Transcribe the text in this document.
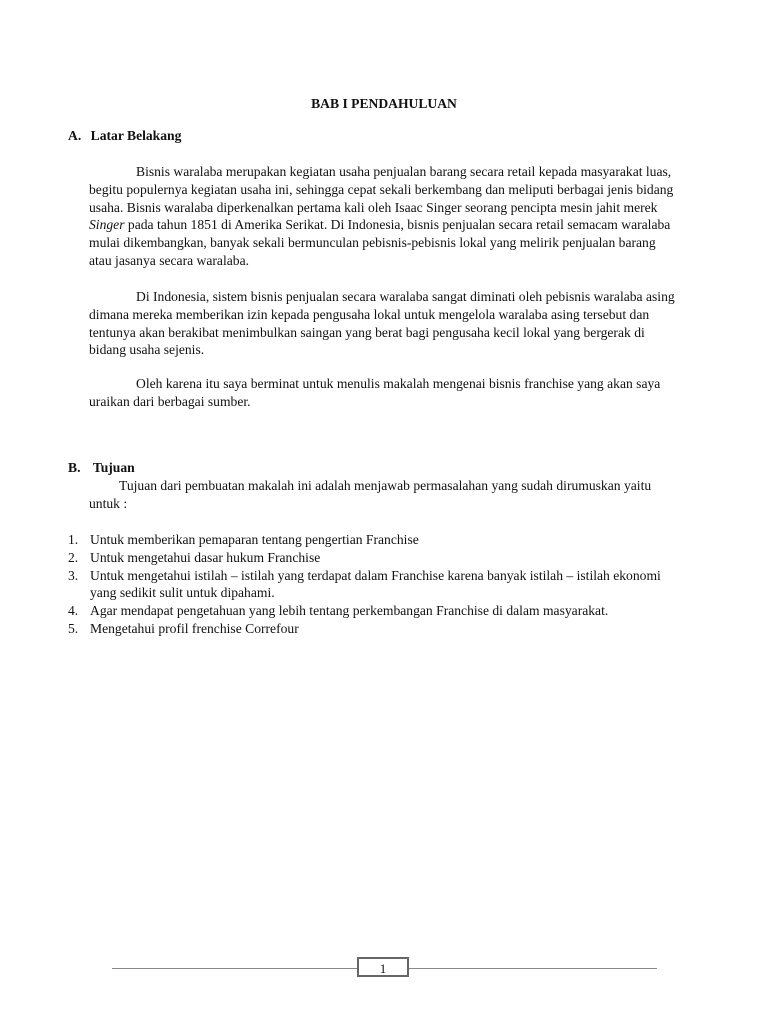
BAB I PENDAHULUAN
A. Latar Belakang

Bisnis waralaba merupakan kegiatan usaha penjualan barang secara retail kepada masyarakat luas, begitu populernya kegiatan usaha ini, sehingga cepat sekali berkembang dan meliputi berbagai jenis bidang usaha. Bisnis waralaba diperkenalkan pertama kali oleh Isaac Singer seorang pencipta mesin jahit merek Singer pada tahun 1851 di Amerika Serikat. Di Indonesia, bisnis penjualan secara retail semacam waralaba mulai dikembangkan, banyak sekali bermunculan pebisnis-pebisnis lokal yang melirik penjualan barang atau jasanya secara waralaba.

Di Indonesia, sistem bisnis penjualan secara waralaba sangat diminati oleh pebisnis waralaba asing dimana mereka memberikan izin kepada pengusaha lokal untuk mengelola waralaba asing tersebut dan tentunya akan berakibat menimbulkan saingan yang berat bagi pengusaha kecil lokal yang bergerak di bidang usaha sejenis.

Oleh karena itu saya berminat untuk menulis makalah mengenai bisnis franchise yang akan saya uraikan dari berbagai sumber.

B. Tujuan

Tujuan dari pembuatan makalah ini adalah menjawab permasalahan yang sudah dirumuskan yaitu untuk :

1. Untuk memberikan pemaparan tentang pengertian Franchise
2. Untuk mengetahui dasar hukum Franchise
3. Untuk mengetahui istilah – istilah yang terdapat dalam Franchise karena banyak istilah – istilah ekonomi yang sedikit sulit untuk dipahami.
4. Agar mendapat pengetahuan yang lebih tentang perkembangan Franchise di dalam masyarakat.
5. Mengetahui profil frenchise Correfour
1
